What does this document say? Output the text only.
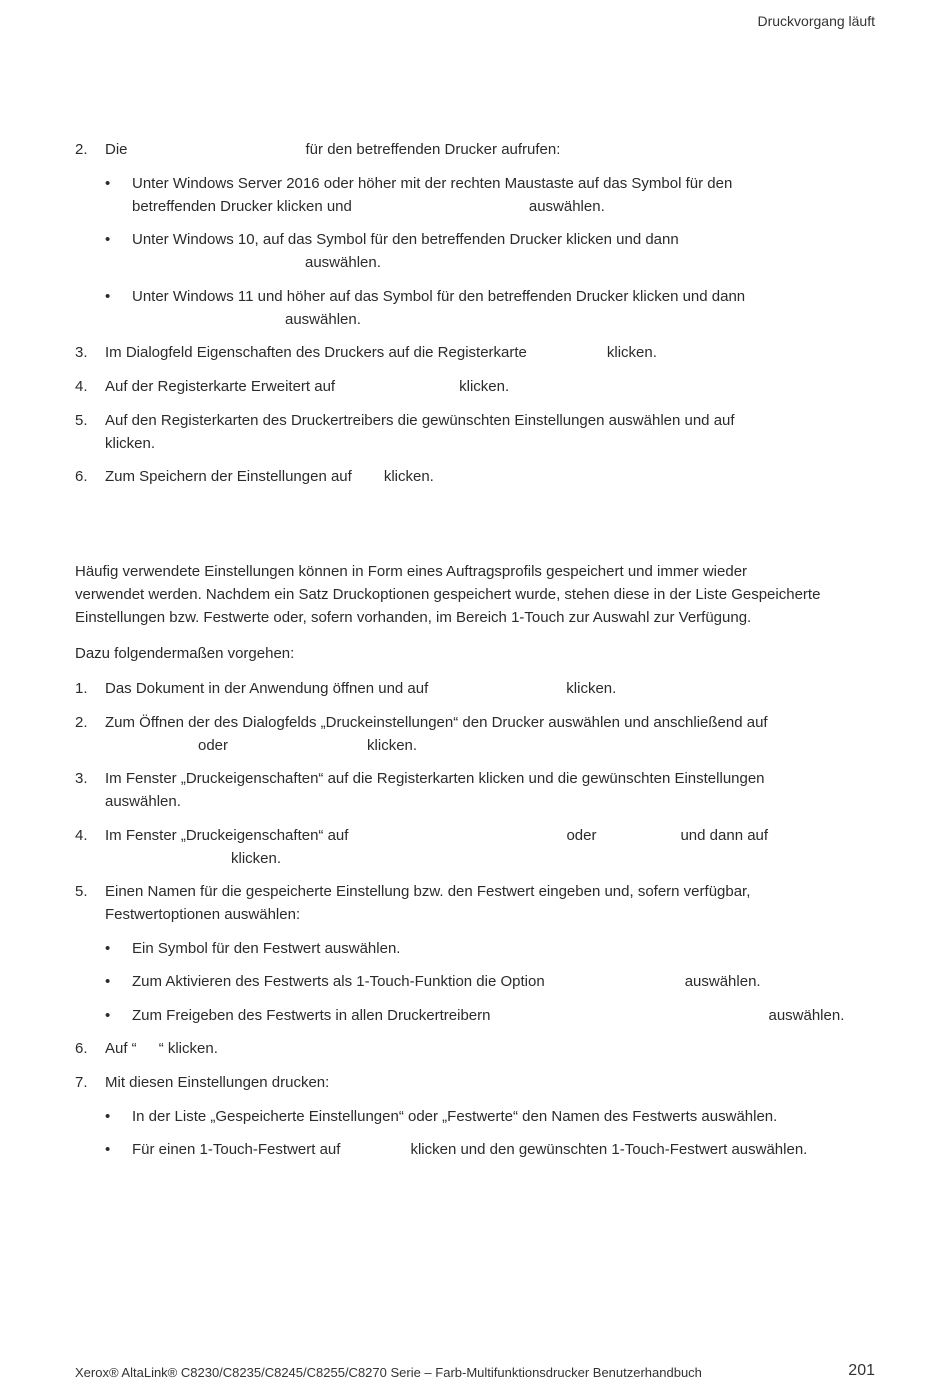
Druckvorgang läuft
2. Die	für den betreffenden Drucker aufrufen:
• Unter Windows Server 2016 oder höher mit der rechten Maustaste auf das Symbol für den
betreffenden Drucker klicken und	auswählen.
• Unter Windows 10, auf das Symbol für den betreffenden Drucker klicken und dann
auswählen.
• Unter Windows 11 und höher auf das Symbol für den betreffenden Drucker klicken und dann
auswählen.
3. Im Dialogfeld Eigenschaften des Druckers auf die Registerkarte	klicken.
4. Auf der Registerkarte Erweitert auf	klicken.
5. Auf den Registerkarten des Druckertreibers die gewünschten Einstellungen auswählen und auf
klicken.
6. Zum Speichern der Einstellungen auf klicken.
Häufig verwendete Einstellungen können in Form eines Auftragsprofils gespeichert und immer wieder
verwendet werden. Nachdem ein Satz Druckoptionen gespeichert wurde, stehen diese in der Liste Gespeicherte
Einstellungen bzw. Festwerte oder, sofern vorhanden, im Bereich 1-Touch zur Auswahl zur Verfügung.
Dazu folgendermaßen vorgehen:
1. Das Dokument in der Anwendung öffnen und auf	klicken.
2. Zum Öffnen der des Dialogfelds „Druckeinstellungen“ den Drucker auswählen und anschließend auf
oder	klicken.
3. Im Fenster „Druckeigenschaften“ auf die Registerkarten klicken und die gewünschten Einstellungen
auswählen.
4. Im Fenster „Druckeigenschaften“ auf	oder	und dann auf
klicken.
5. Einen Namen für die gespeicherte Einstellung bzw. den Festwert eingeben und, sofern verfügbar,
Festwertoptionen auswählen:
• Ein Symbol für den Festwert auswählen.
• Zum Aktivieren des Festwerts als 1-Touch-Funktion die Option	auswählen.
• Zum Freigeben des Festwerts in allen Druckertreibern	auswählen.
6. Auf “ “ klicken.
7. Mit diesen Einstellungen drucken:
• In der Liste „Gespeicherte Einstellungen“ oder „Festwerte“ den Namen des Festwerts auswählen.
• Für einen 1-Touch-Festwert auf	klicken und den gewünschten 1-Touch-Festwert auswählen.
Xerox® AltaLink® C8230/C8235/C8245/C8255/C8270 Serie – Farb-Multifunktionsdrucker Benutzerhandbuch	201
